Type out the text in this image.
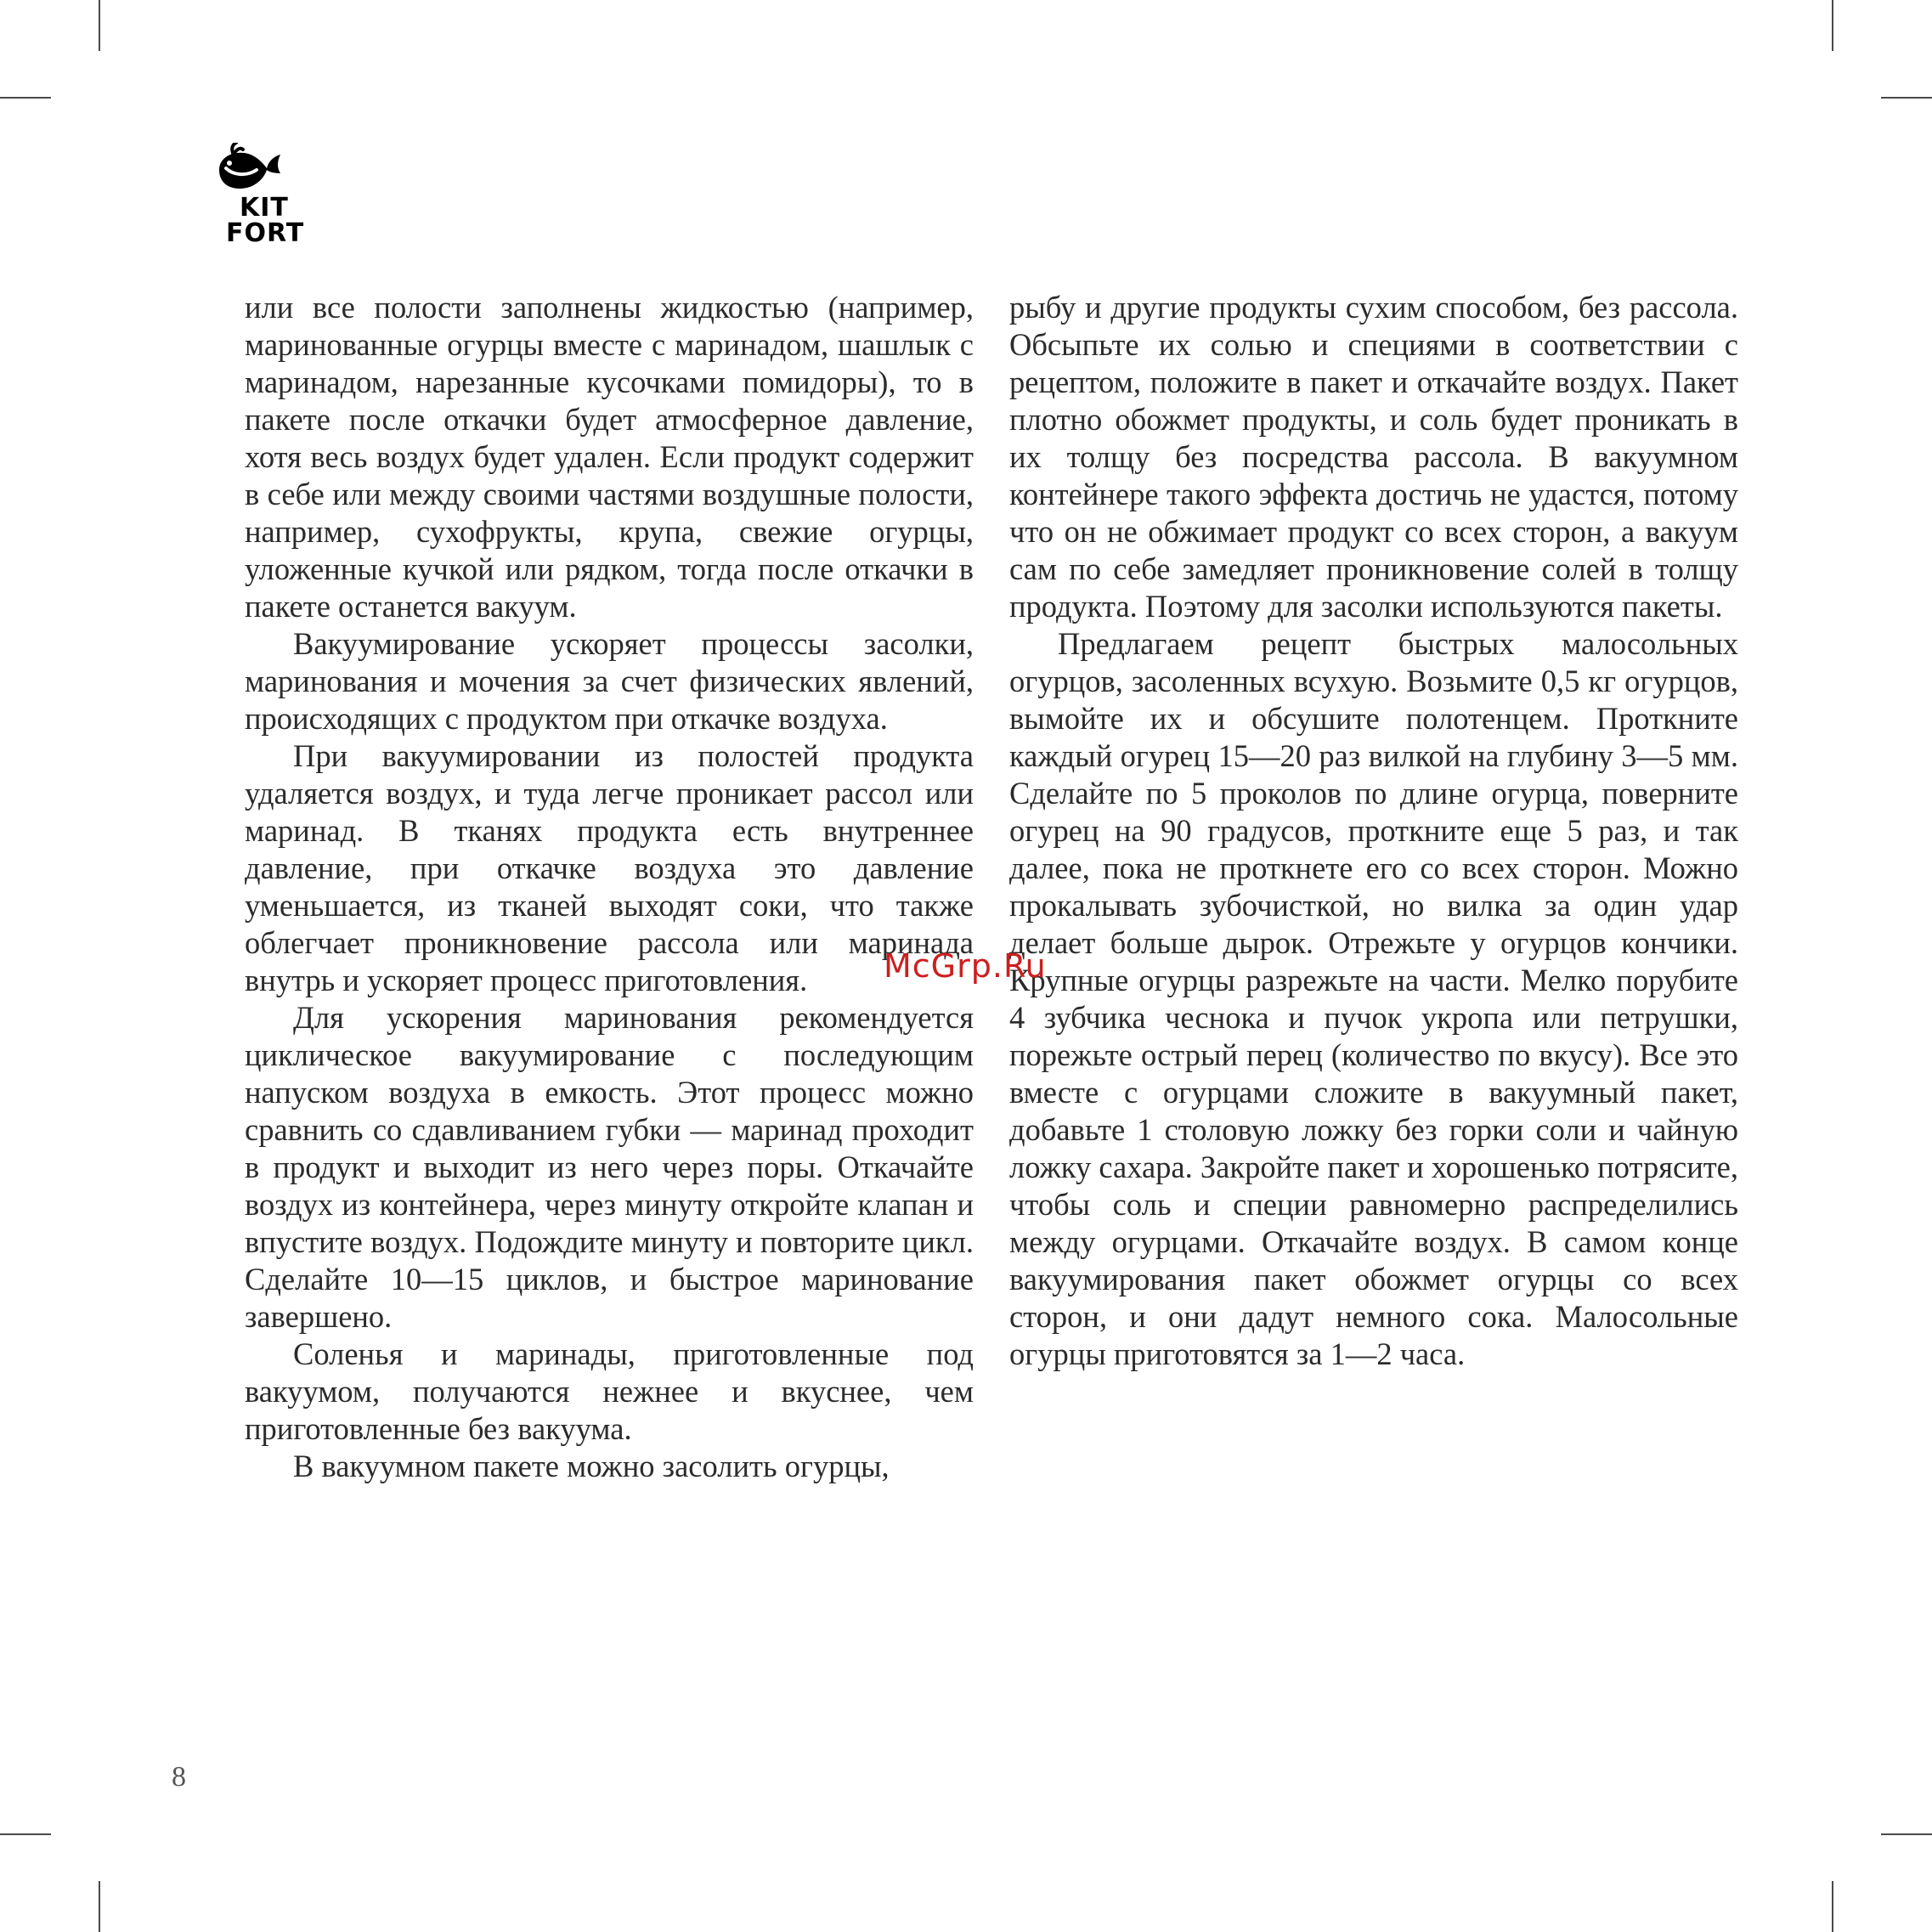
KIT
FORT

или все полости заполнены жидкостью (например, маринованные огурцы вместе с маринадом, шашлык с маринадом, нарезанные кусочками помидоры), то в пакете после откачки будет атмосферное давление, хотя весь воздух будет удален. Если продукт содержит в себе или между своими частями воздушные полости, например, сухофрукты, крупа, свежие огурцы, уложенные кучкой или рядком, тогда после откачки в пакете останется вакуум.

Вакуумирование ускоряет процессы засолки, маринования и мочения за счет физических явлений, происходящих с продуктом при откачке воздуха.

При вакуумировании из полостей продукта удаляется воздух, и туда легче проникает рассол или маринад. В тканях продукта есть внутреннее давление, при откачке воздуха это давление уменьшается, из тканей выходят соки, что также облегчает проникновение рассола или маринада внутрь и ускоряет процесс приготовления.

Для ускорения маринования рекомендуется циклическое вакуумирование с последующим напуском воздуха в емкость. Этот процесс можно сравнить со сдавливанием губки — маринад проходит в продукт и выходит из него через поры. Откачайте воздух из контейнера, через минуту откройте клапан и впустите воздух. Подождите минуту и повторите цикл. Сделайте 10—15 циклов, и быстрое маринование завершено.

Соленья и маринады, приготовленные под вакуумом, получаются нежнее и вкуснее, чем приготовленные без вакуума.

В вакуумном пакете можно засолить огурцы,

рыбу и другие продукты сухим способом, без рассола. Обсыпьте их солью и специями в соответствии с рецептом, положите в пакет и откачайте воздух. Пакет плотно обожмет продукты, и соль будет проникать в их толщу без посредства рассола. В вакуумном контейнере такого эффекта достичь не удастся, потому что он не обжимает продукт со всех сторон, а вакуум сам по себе замедляет проникновение солей в толщу продукта. Поэтому для засолки используются пакеты.

Предлагаем рецепт быстрых малосольных огурцов, засоленных всухую. Возьмите 0,5 кг огурцов, вымойте их и обсушите полотенцем. Проткните каждый огурец 15—20 раз вилкой на глубину 3—5 мм. Сделайте по 5 проколов по длине огурца, поверните огурец на 90 градусов, проткните еще 5 раз, и так далее, пока не проткнете его со всех сторон. Можно прокалывать зубочисткой, но вилка за один удар делает больше дырок. Отрежьте у огурцов кончики. Крупные огурцы разрежьте на части. Мелко порубите 4 зубчика чеснока и пучок укропа или петрушки, порежьте острый перец (количество по вкусу). Все это вместе с огурцами сложите в вакуумный пакет, добавьте 1 столовую ложку без горки соли и чайную ложку сахара. Закройте пакет и хорошенько потрясите, чтобы соль и специи равномерно распределились между огурцами. Откачайте воздух. В самом конце вакуумирования пакет обожмет огурцы со всех сторон, и они дадут немного сока. Малосольные огурцы приготовятся за 1—2 часа.

McGrp.Ru
8
